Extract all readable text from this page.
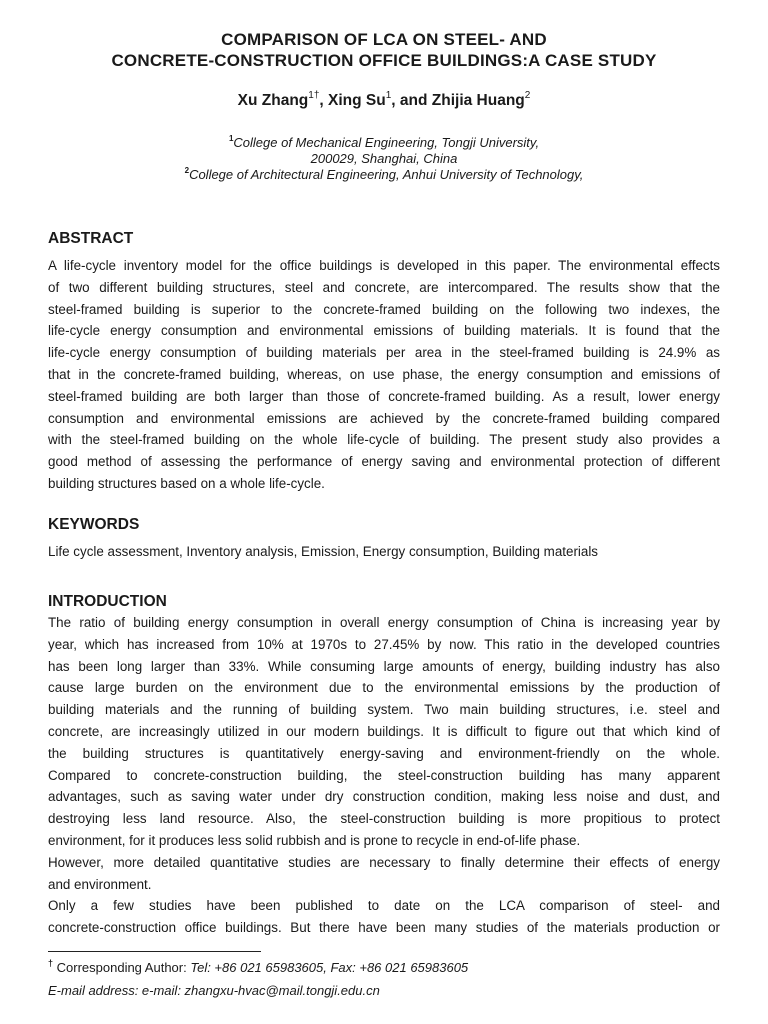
COMPARISON OF LCA ON STEEL- AND
CONCRETE-CONSTRUCTION OFFICE BUILDINGS:A CASE STUDY
Xu Zhang$^{1\dagger}$, Xing Su$^1$, and Zhijia Huang$^2$
$^1$College of Mechanical Engineering, Tongji University,
200029, Shanghai, China
$^2$College of Architectural Engineering, Anhui University of Technology,
ABSTRACT
A life-cycle inventory model for the office buildings is developed in this paper. The environmental effects
of two different building structures, steel and concrete, are intercompared. The results show that the
steel-framed building is superior to the concrete-framed building on the following two indexes, the
life-cycle energy consumption and environmental emissions of building materials. It is found that the
life-cycle energy consumption of building materials per area in the steel-framed building is 24.9% as
that in the concrete-framed building, whereas, on use phase, the energy consumption and emissions of
steel-framed building are both larger than those of concrete-framed building. As a result, lower energy
consumption and environmental emissions are achieved by the concrete-framed building compared
with the steel-framed building on the whole life-cycle of building. The present study also provides a
good method of assessing the performance of energy saving and environmental protection of different
building structures based on a whole life-cycle.
KEYWORDS
Life cycle assessment, Inventory analysis, Emission, Energy consumption, Building materials
INTRODUCTION
The ratio of building energy consumption in overall energy consumption of China is increasing year by
year, which has increased from 10% at 1970s to 27.45% by now. This ratio in the developed countries
has been long larger than 33%. While consuming large amounts of energy, building industry has also
cause large burden on the environment due to the environmental emissions by the production of
building materials and the running of building system. Two main building structures, i.e. steel and
concrete, are increasingly utilized in our modern buildings. It is difficult to figure out that which kind of
the building structures is quantitatively energy-saving and environment-friendly on the whole.
Compared to concrete-construction building, the steel-construction building has many apparent
advantages, such as saving water under dry construction condition, making less noise and dust, and
destroying less land resource. Also, the steel-construction building is more propitious to protect
environment, for it produces less solid rubbish and is prone to recycle in end-of-life phase.
However, more detailed quantitative studies are necessary to finally determine their effects of energy
and environment.
Only a few studies have been published to date on the LCA comparison of steel- and
concrete-construction office buildings. But there have been many studies of the materials production or
† Corresponding Author: Tel: +86 021 65983605, Fax: +86 021 65983605
E-mail address: e-mail: zhangxu-hvac@mail.tongji.edu.cn
